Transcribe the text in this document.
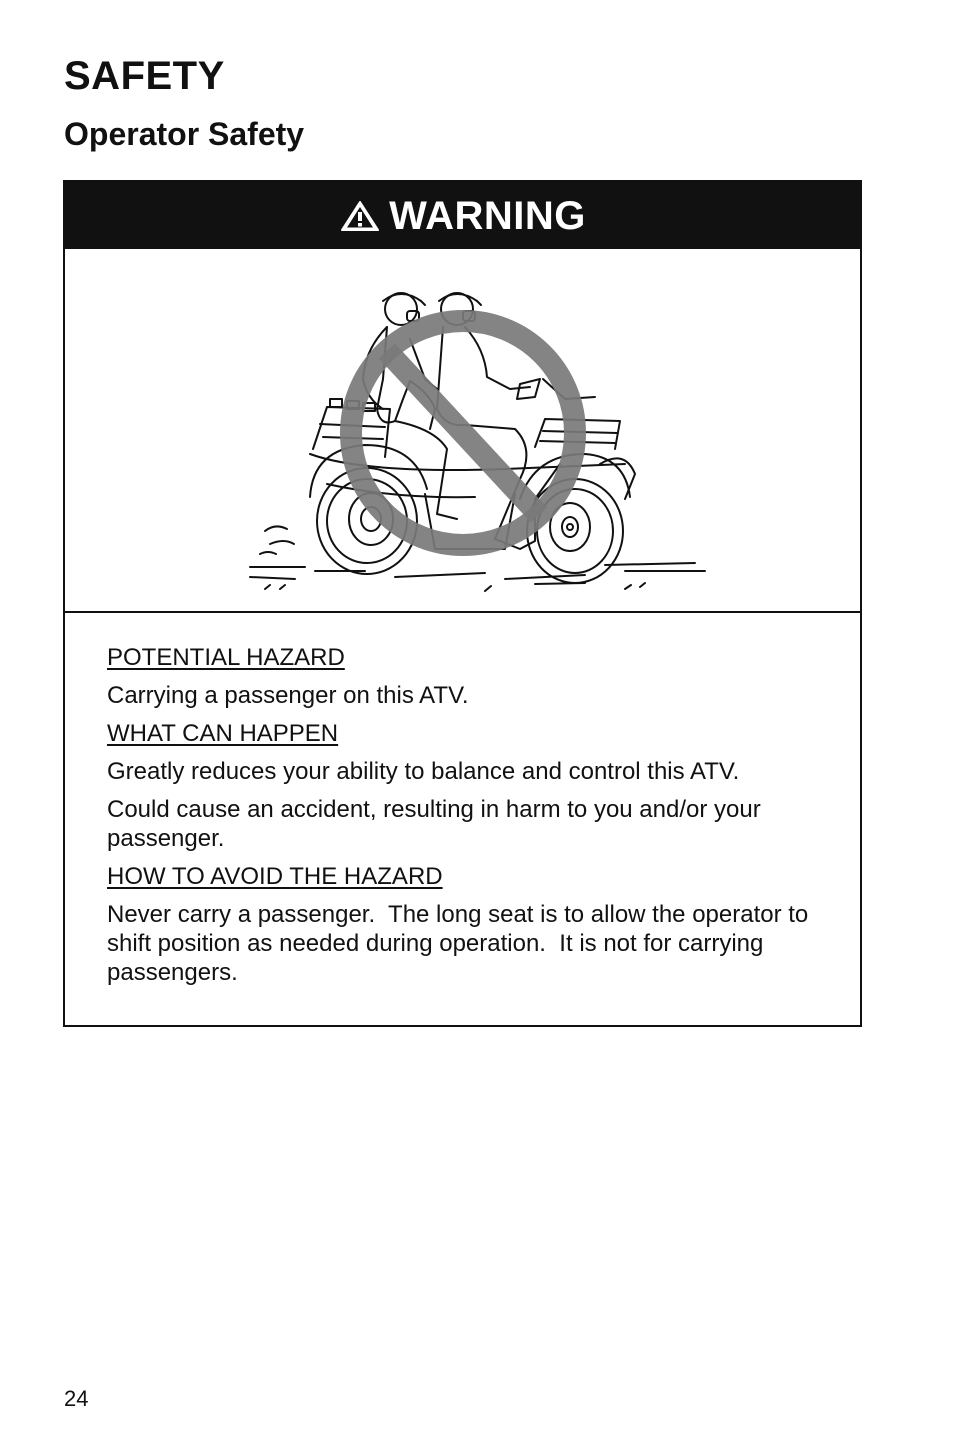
SAFETY
Operator Safety
WARNING

POTENTIAL HAZARD

Carrying a passenger on this ATV.

WHAT CAN HAPPEN

Greatly reduces your ability to balance and control this ATV.

Could cause an accident, resulting in harm to you and/or your passenger.

HOW TO AVOID THE HAZARD

Never carry a passenger.  The long seat is to allow the operator to shift position as needed during operation.  It is not for carrying passengers.

24
